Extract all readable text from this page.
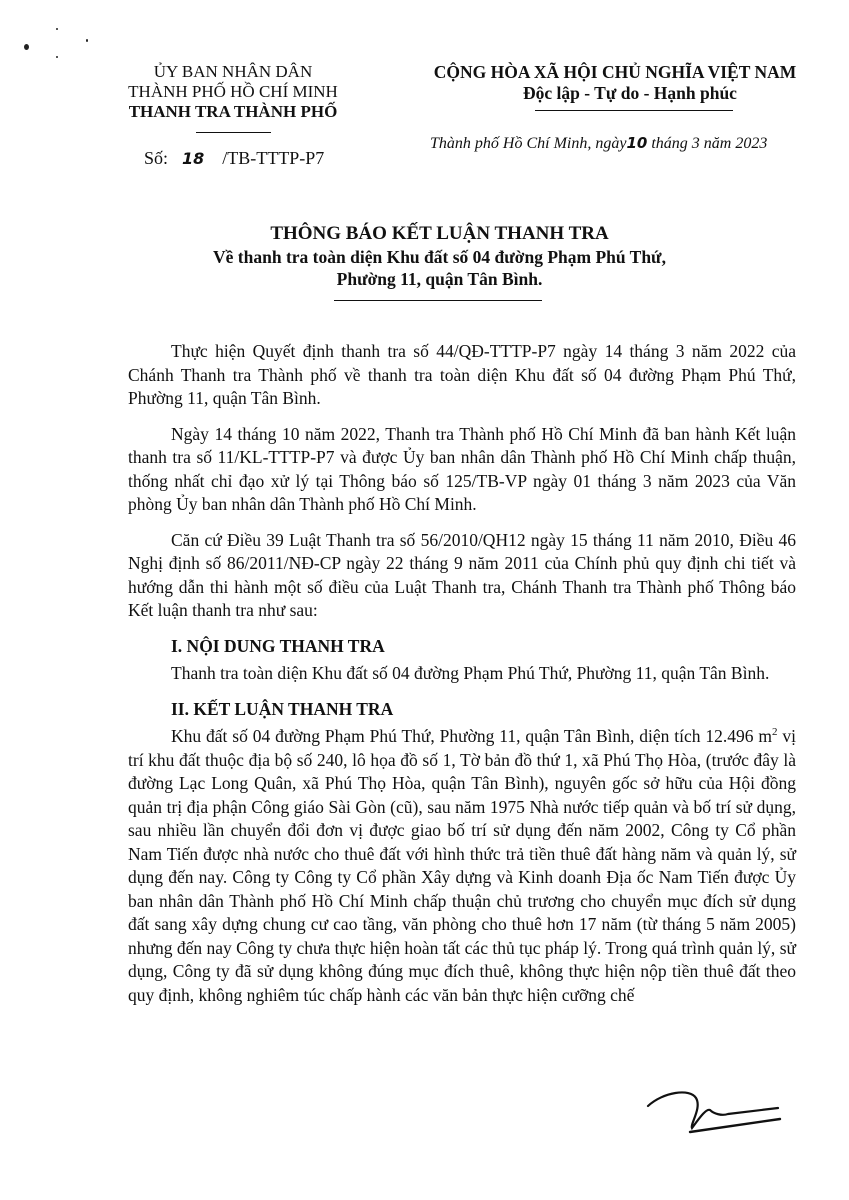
ỦY BAN NHÂN DÂN
THÀNH PHỐ HỒ CHÍ MINH
THANH TRA THÀNH PHỐ
Số: 18 /TB-TTTP-P7
CỘNG HÒA XÃ HỘI CHỦ NGHĨA VIỆT NAM
Độc lập - Tự do - Hạnh phúc
Thành phố Hồ Chí Minh, ngày10 tháng 3 năm 2023
THÔNG BÁO KẾT LUẬN THANH TRA
Về thanh tra toàn diện Khu đất số 04 đường Phạm Phú Thứ,
Phường 11, quận Tân Bình.

Thực hiện Quyết định thanh tra số 44/QĐ-TTTP-P7 ngày 14 tháng 3 năm 2022 của Chánh Thanh tra Thành phố về thanh tra toàn diện Khu đất số 04 đường Phạm Phú Thứ, Phường 11, quận Tân Bình.

Ngày 14 tháng 10 năm 2022, Thanh tra Thành phố Hồ Chí Minh đã ban hành Kết luận thanh tra số 11/KL-TTTP-P7 và được Ủy ban nhân dân Thành phố Hồ Chí Minh chấp thuận, thống nhất chỉ đạo xử lý tại Thông báo số 125/TB-VP ngày 01 tháng 3 năm 2023 của Văn phòng Ủy ban nhân dân Thành phố Hồ Chí Minh.

Căn cứ Điều 39 Luật Thanh tra số 56/2010/QH12 ngày 15 tháng 11 năm 2010, Điều 46 Nghị định số 86/2011/NĐ-CP ngày 22 tháng 9 năm 2011 của Chính phủ quy định chi tiết và hướng dẫn thi hành một số điều của Luật Thanh tra, Chánh Thanh tra Thành phố Thông báo Kết luận thanh tra như sau:

I. NỘI DUNG THANH TRA

Thanh tra toàn diện Khu đất số 04 đường Phạm Phú Thứ, Phường 11, quận Tân Bình.

II. KẾT LUẬN THANH TRA

Khu đất số 04 đường Phạm Phú Thứ, Phường 11, quận Tân Bình, diện tích 12.496 $m^2$ vị trí khu đất thuộc địa bộ số 240, lô họa đồ số 1, Tờ bản đồ thứ 1, xã Phú Thọ Hòa, (trước đây là đường Lạc Long Quân, xã Phú Thọ Hòa, quận Tân Bình), nguyên gốc sở hữu của Hội đồng quản trị địa phận Công giáo Sài Gòn (cũ), sau năm 1975 Nhà nước tiếp quản và bố trí sử dụng, sau nhiều lần chuyển đổi đơn vị được giao bố trí sử dụng đến năm 2002, Công ty Cổ phần Nam Tiến được nhà nước cho thuê đất với hình thức trả tiền thuê đất hàng năm và quản lý, sử dụng đến nay. Công ty Công ty Cổ phần Xây dựng và Kinh doanh Địa ốc Nam Tiến được Ủy ban nhân dân Thành phố Hồ Chí Minh chấp thuận chủ trương cho chuyển mục đích sử dụng đất sang xây dựng chung cư cao tầng, văn phòng cho thuê hơn 17 năm (từ tháng 5 năm 2005) nhưng đến nay Công ty chưa thực hiện hoàn tất các thủ tục pháp lý. Trong quá trình quản lý, sử dụng, Công ty đã sử dụng không đúng mục đích thuê, không thực hiện nộp tiền thuê đất theo quy định, không nghiêm túc chấp hành các văn bản thực hiện cưỡng chế
